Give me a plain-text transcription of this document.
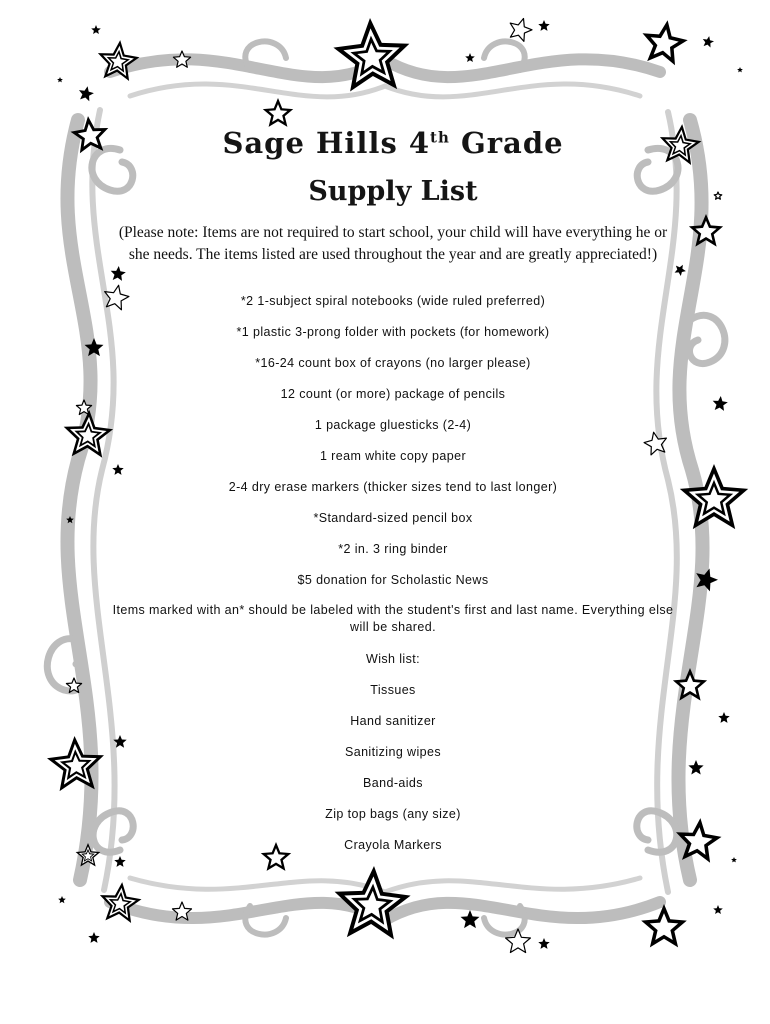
Sage Hills 4th Grade
Supply List

(Please note: Items are not required to start school, your child will have everything he or she needs. The items listed are used throughout the year and are greatly appreciated!)

*2 1-subject spiral notebooks (wide ruled preferred)

*1 plastic 3-prong folder with pockets (for homework)

*16-24 count box of crayons (no larger please)

12 count (or more) package of pencils

1 package gluesticks (2-4)

1 ream white copy paper

2-4 dry erase markers (thicker sizes tend to last longer)

*Standard-sized pencil box

*2 in. 3 ring binder

$5 donation for Scholastic News

Items marked with an* should be labeled with the student's first and last name. Everything else will be shared.

Wish list:

Tissues

Hand sanitizer

Sanitizing wipes

Band-aids

Zip top bags (any size)

Crayola Markers
